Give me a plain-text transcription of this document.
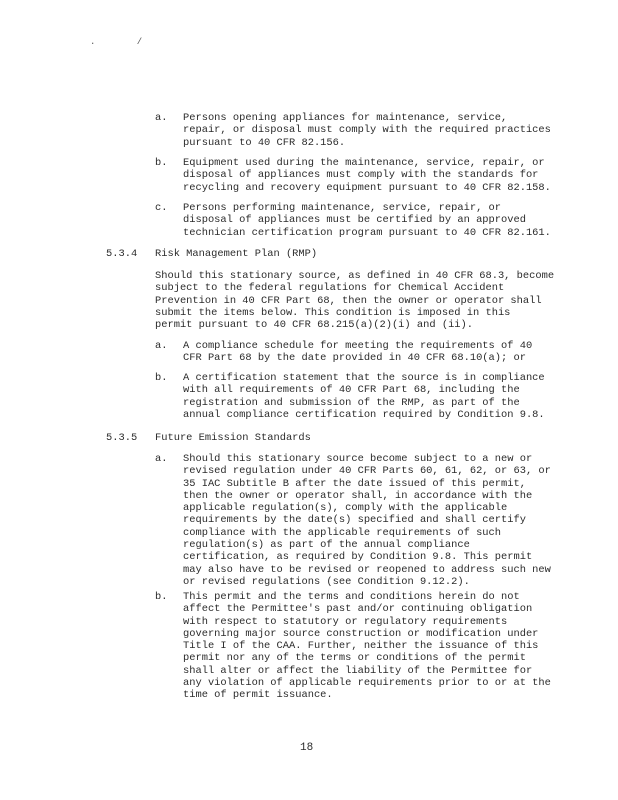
. /
a. Persons opening appliances for maintenance, service,
repair, or disposal must comply with the required practices
pursuant to 40 CFR 82.156.
b. Equipment used during the maintenance, service, repair, or
disposal of appliances must comply with the standards for
recycling and recovery equipment pursuant to 40 CFR 82.158.
c. Persons performing maintenance, service, repair, or
disposal of appliances must be certified by an approved
technician certification program pursuant to 40 CFR 82.161.
5.3.4 Risk Management Plan (RMP)
Should this stationary source, as defined in 40 CFR 68.3, become
subject to the federal regulations for Chemical Accident
Prevention in 40 CFR Part 68, then the owner or operator shall
submit the items below. This condition is imposed in this
permit pursuant to 40 CFR 68.215(a)(2)(i) and (ii).
a. A compliance schedule for meeting the requirements of 40
CFR Part 68 by the date provided in 40 CFR 68.10(a); or
b. A certification statement that the source is in compliance
with all requirements of 40 CFR Part 68, including the
registration and submission of the RMP, as part of the
annual compliance certification required by Condition 9.8.
5.3.5 Future Emission Standards
a. Should this stationary source become subject to a new or
revised regulation under 40 CFR Parts 60, 61, 62, or 63, or
35 IAC Subtitle B after the date issued of this permit,
then the owner or operator shall, in accordance with the
applicable regulation(s), comply with the applicable
requirements by the date(s) specified and shall certify
compliance with the applicable requirements of such
regulation(s) as part of the annual compliance
certification, as required by Condition 9.8. This permit
may also have to be revised or reopened to address such new
or revised regulations (see Condition 9.12.2).
b. This permit and the terms and conditions herein do not
affect the Permittee's past and/or continuing obligation
with respect to statutory or regulatory requirements
governing major source construction or modification under
Title I of the CAA. Further, neither the issuance of this
permit nor any of the terms or conditions of the permit
shall alter or affect the liability of the Permittee for
any violation of applicable requirements prior to or at the
time of permit issuance.
18
